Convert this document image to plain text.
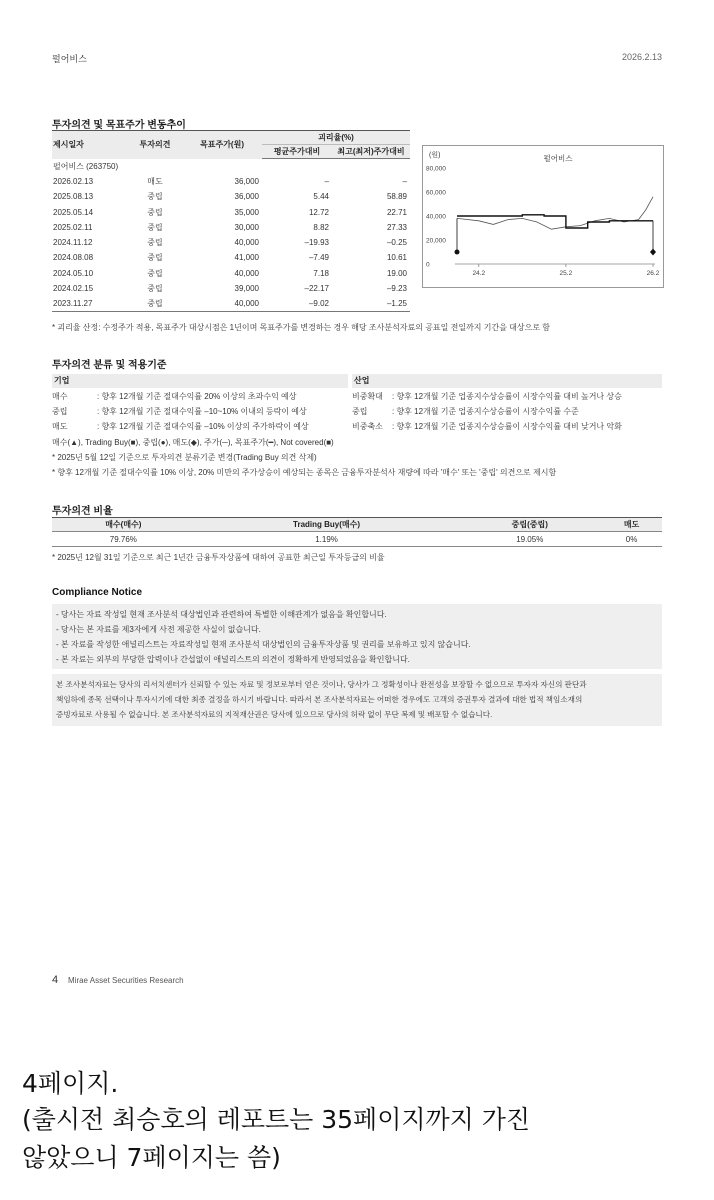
펄어비스	2026.2.13
투자의견 및 목표주가 변동추이
제시일자	투자의견	목표주가(원)	괴리율(%)	
			평균주가대비	최고(최저)주가대비
펄어비스 (263750)				
2026.02.13	매도	36,000	–	–
2025.08.13	중립	36,000	5.44	58.89
2025.05.14	중립	35,000	12.72	22.71
2025.02.11	중립	30,000	8.82	27.33
2024.11.12	중립	40,000	–19.93	–0.25
2024.08.08	중립	41,000	–7.49	10.61
2024.05.10	중립	40,000	7.18	19.00
2024.02.15	중립	39,000	–22.17	–9.23
2023.11.27	중립	40,000	–9.02	–1.25
* 괴리율 산정: 수정주가 적용, 목표주가 대상시점은 1년이며 목표주가를 변경하는 경우 해당 조사분석자료의 공표일 전일까지 기간을 대상으로 함
펄어비스
(원)
0
20,000
40,000
60,000
80,000
24.2	25.2	26.2
투자의견 분류 및 적용기준
기업	산업
매수	: 향후 12개월 기준 절대수익률 20% 이상의 초과수익 예상
중립	: 향후 12개월 기준 절대수익률 –10~10% 이내의 등락이 예상
매도	: 향후 12개월 기준 절대수익률 –10% 이상의 주가하락이 예상
비중확대 : 향후 12개월 기준 업종지수상승률이 시장수익률 대비 높거나 상승
중립	: 향후 12개월 기준 업종지수상승률이 시장수익률 수준
비중축소 : 향후 12개월 기준 업종지수상승률이 시장수익률 대비 낮거나 악화
매수(▲), Trading Buy(■), 중립(●), 매도(◆), 주가(─), 목표주가(━), Not covered(■)
* 2025년 5월 12일 기준으로 투자의견 분류기준 변경(Trading Buy 의견 삭제)
* 향후 12개월 기준 절대수익률 10% 이상, 20% 미만의 주가상승이 예상되는 종목은 금융투자분석사 재량에 따라 '매수' 또는 '중립' 의견으로 제시함
투자의견 비율
매수(매수)	Trading Buy(매수)	중립(중립)	매도
79.76%	1.19%	19.05%	0%
* 2025년 12월 31일 기준으로 최근 1년간 금융투자상품에 대하여 공표한 최근일 투자등급의 비율
Compliance Notice
- 당사는 자료 작성일 현재 조사분석 대상법인과 관련하여 특별한 이해관계가 없음을 확인합니다.
- 당사는 본 자료를 제3자에게 사전 제공한 사실이 없습니다.
- 본 자료를 작성한 애널리스트는 자료작성일 현재 조사분석 대상법인의 금융투자상품 및 권리를 보유하고 있지 않습니다.
- 본 자료는 외부의 부당한 압력이나 간섭없이 애널리스트의 의견이 정확하게 반영되었음을 확인합니다.
본 조사분석자료는 당사의 리서치센터가 신뢰할 수 있는 자료 및 정보로부터 얻은 것이나, 당사가 그 정확성이나 완전성을 보장할 수 없으므로 투자자 자신의 판단과
책임하에 종목 선택이나 투자시기에 대한 최종 결정을 하시기 바랍니다. 따라서 본 조사분석자료는 어떠한 경우에도 고객의 증권투자 결과에 대한 법적 책임소재의
증빙자료로 사용될 수 없습니다. 본 조사분석자료의 지적재산권은 당사에 있으므로 당사의 허락 없이 무단 복제 및 배포할 수 없습니다.
4 Mirae Asset Securities Research
4페이지.
(출시전 최승호의 레포트는 35페이지까지 가진
않았으니 7페이지는 씀)
